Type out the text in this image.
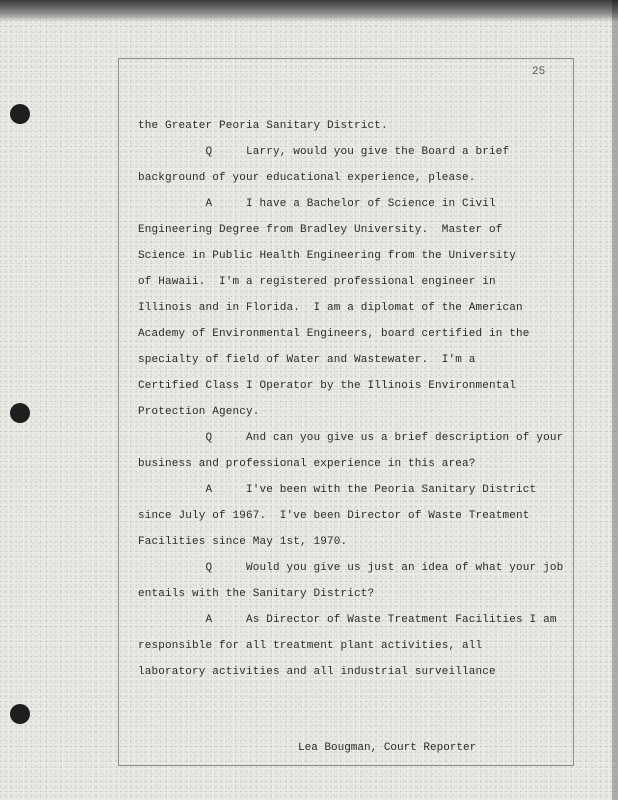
25
the Greater Peoria Sanitary District.
Q     Larry, would you give the Board a brief
background of your educational experience, please.
A     I have a Bachelor of Science in Civil
Engineering Degree from Bradley University.  Master of
Science in Public Health Engineering from the University
of Hawaii.  I'm a registered professional engineer in
Illinois and in Florida.  I am a diplomat of the American
Academy of Environmental Engineers, board certified in the
specialty of field of Water and Wastewater.  I'm a
Certified Class I Operator by the Illinois Environmental
Protection Agency.
Q     And can you give us a brief description of your
business and professional experience in this area?
A     I've been with the Peoria Sanitary District
since July of 1967.  I've been Director of Waste Treatment
Facilities since May 1st, 1970.
Q     Would you give us just an idea of what your job
entails with the Sanitary District?
A     As Director of Waste Treatment Facilities I am
responsible for all treatment plant activities, all
laboratory activities and all industrial surveillance
Lea Bougman, Court Reporter
